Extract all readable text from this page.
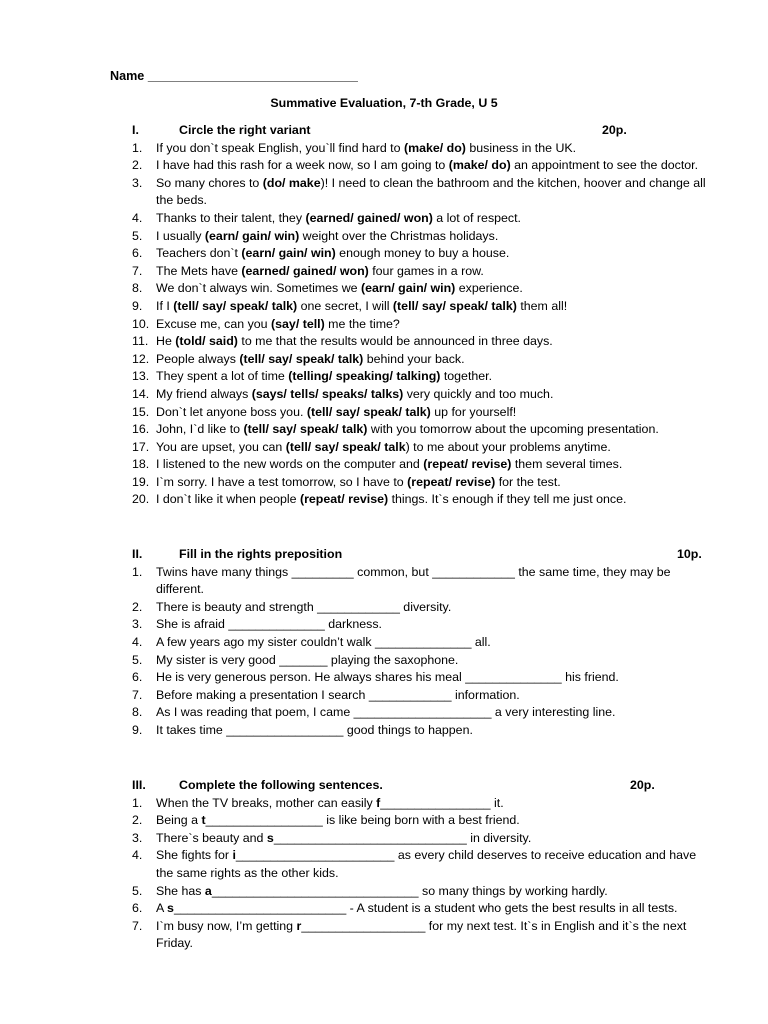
Name ______________________________
Summative Evaluation, 7-th Grade, U 5
I.	Circle the right variant	20p.
1. If you don`t speak English, you`ll find hard to (make/ do) business in the UK.
2. I have had this rash for a week now, so I am going to (make/ do) an appointment to see the doctor.
3. So many chores to (do/ make)! I need to clean the bathroom and the kitchen, hoover and change all the beds.
4. Thanks to their talent, they (earned/ gained/ won) a lot of respect.
5. I usually (earn/ gain/ win) weight over the Christmas holidays.
6. Teachers don`t (earn/ gain/ win) enough money to buy a house.
7. The Mets have (earned/ gained/ won) four games in a row.
8. We don`t always win. Sometimes we (earn/ gain/ win) experience.
9. If I (tell/ say/ speak/ talk) one secret, I will (tell/ say/ speak/ talk) them all!
10. Excuse me, can you (say/ tell) me the time?
11. He (told/ said) to me that the results would be announced in three days.
12. People always (tell/ say/ speak/ talk) behind your back.
13. They spent a lot of time (telling/ speaking/ talking) together.
14. My friend always (says/ tells/ speaks/ talks) very quickly and too much.
15. Don`t let anyone boss you. (tell/ say/ speak/ talk) up for yourself!
16. John, I`d like to (tell/ say/ speak/ talk) with you tomorrow about the upcoming presentation.
17. You are upset, you can (tell/ say/ speak/ talk) to me about your problems anytime.
18. I listened to the new words on the computer and (repeat/ revise) them several times.
19. I`m sorry. I have a test tomorrow, so I have to (repeat/ revise) for the test.
20. I don`t like it when people (repeat/ revise) things. It`s enough if they tell me just once.
II.	Fill in the rights preposition	10p.
1. Twins have many things _________ common, but ____________ the same time, they may be different.
2. There is beauty and strength ____________ diversity.
3. She is afraid ______________ darkness.
4. A few years ago my sister couldn’t walk ______________ all.
5. My sister is very good _______ playing the saxophone.
6. He is very generous person. He always shares his meal ______________ his friend.
7. Before making a presentation I search ____________ information.
8. As I was reading that poem, I came ____________________ a very interesting line.
9. It takes time _________________ good things to happen.
III.	Complete the following sentences.	20p.
1. When the TV breaks, mother can easily f________________ it.
2. Being a t_________________ is like being born with a best friend.
3. There`s beauty and s____________________________ in diversity.
4. She fights for i_______________________ as every child deserves to receive education and have the same rights as the other kids.
5. She has a______________________________ so many things by working hardly.
6. A s_________________________ - A student is a student who gets the best results in all tests.
7. I`m busy now, I’m getting r__________________ for my next test. It`s in English and it`s the next Friday.
